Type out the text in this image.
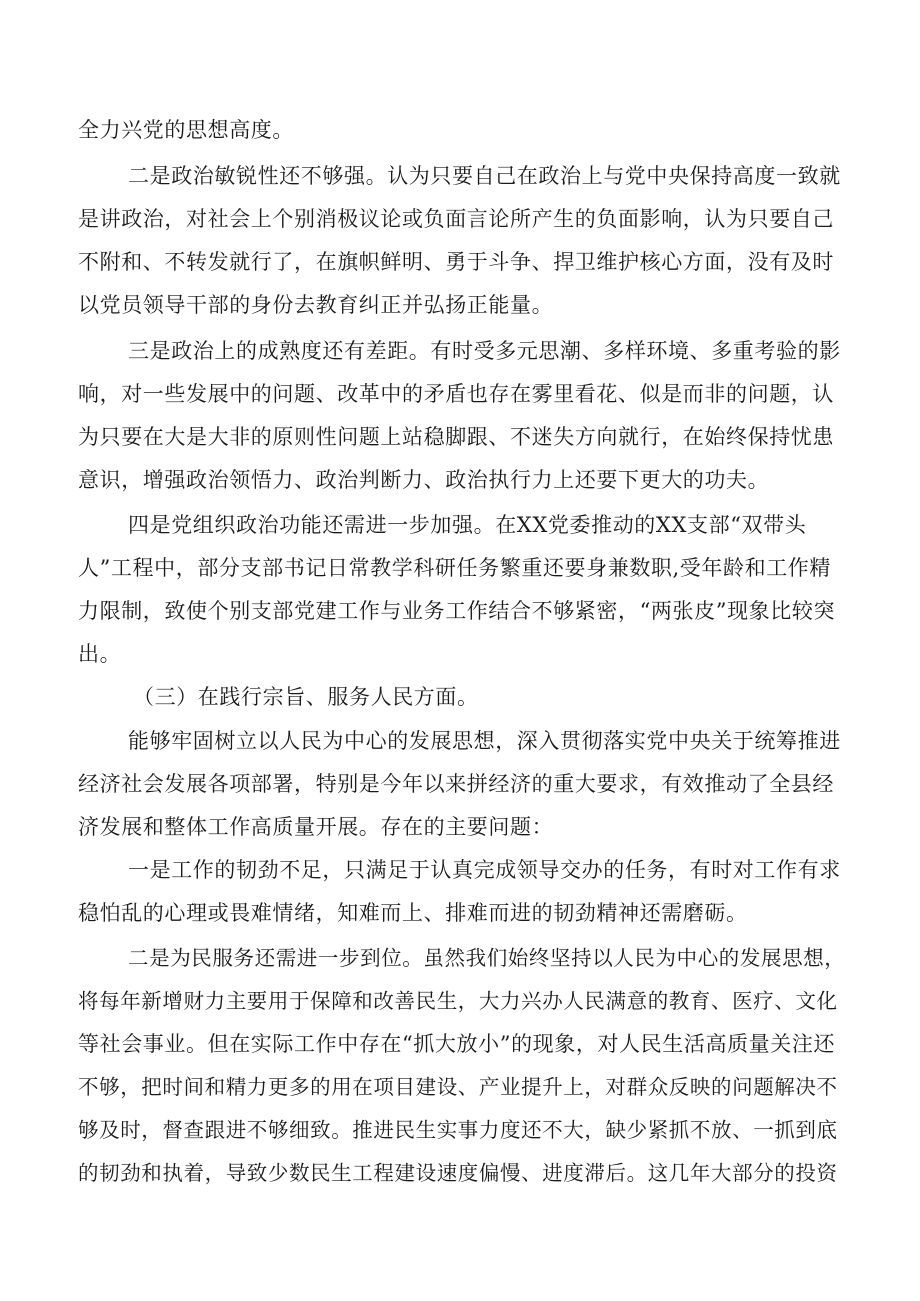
全力兴党的思想高度。
二是政治敏锐性还不够强。认为只要自己在政治上与党中央保持高度一致就
是讲政治，对社会上个别消极议论或负面言论所产生的负面影响，认为只要自己
不附和、不转发就行了，在旗帜鲜明、勇于斗争、捍卫维护核心方面，没有及时
以党员领导干部的身份去教育纠正并弘扬正能量。
三是政治上的成熟度还有差距。有时受多元思潮、多样环境、多重考验的影
响，对一些发展中的问题、改革中的矛盾也存在雾里看花、似是而非的问题，认
为只要在大是大非的原则性问题上站稳脚跟、不迷失方向就行，在始终保持忧患
意识，增强政治领悟力、政治判断力、政治执行力上还要下更大的功夫。
四是党组织政治功能还需进一步加强。在XX党委推动的XX支部“双带头
人”工程中，部分支部书记日常教学科研任务繁重还要身兼数职,受年龄和工作精
力限制，致使个别支部党建工作与业务工作结合不够紧密，“两张皮”现象比较突
出。
（三）在践行宗旨、服务人民方面。
能够牢固树立以人民为中心的发展思想，深入贯彻落实党中央关于统筹推进
经济社会发展各项部署，特别是今年以来拼经济的重大要求，有效推动了全县经
济发展和整体工作高质量开展。存在的主要问题：
一是工作的韧劲不足，只满足于认真完成领导交办的任务，有时对工作有求
稳怕乱的心理或畏难情绪，知难而上、排难而进的韧劲精神还需磨砺。
二是为民服务还需进一步到位。虽然我们始终坚持以人民为中心的发展思想，
将每年新增财力主要用于保障和改善民生，大力兴办人民满意的教育、医疗、文化
等社会事业。但在实际工作中存在“抓大放小”的现象，对人民生活高质量关注还
不够，把时间和精力更多的用在项目建设、产业提升上，对群众反映的问题解决不
够及时，督查跟进不够细致。推进民生实事力度还不大，缺少紧抓不放、一抓到底
的韧劲和执着，导致少数民生工程建设速度偏慢、进度滞后。这几年大部分的投资
